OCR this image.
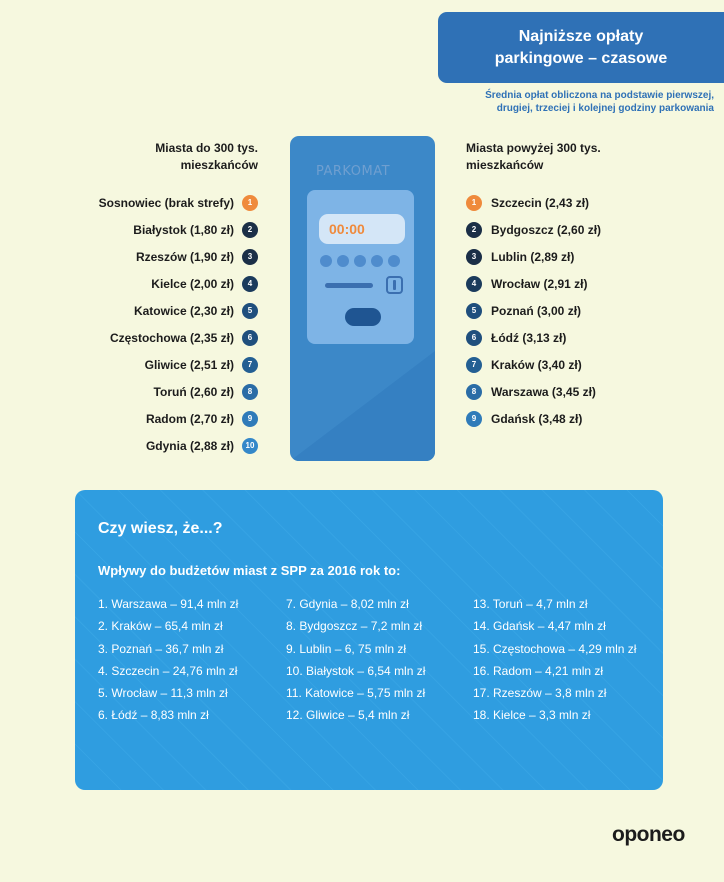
Najniższe opłaty
parkingowe – czasowe
Średnia opłat obliczona na podstawie pierwszej,
drugiej, trzeciej i kolejnej godziny parkowania
Miasta do 300 tys.
mieszkańców
Miasta powyżej 300 tys.
mieszkańców
Sosnowiec (brak strefy)	1
Białystok (1,80 zł)	2
Rzeszów (1,90 zł)	3
Kielce (2,00 zł)	4
Katowice (2,30 zł)	5
Częstochowa (2,35 zł)	6
Gliwice (2,51 zł)	7
Toruń (2,60 zł)	8
Radom (2,70 zł)	9
Gdynia (2,88 zł)	10
1	Szczecin (2,43 zł)
2	Bydgoszcz (2,60 zł)
3	Lublin (2,89 zł)
4	Wrocław (2,91 zł)
5	Poznań (3,00 zł)
6	Łódź (3,13 zł)
7	Kraków (3,40 zł)
8	Warszawa (3,45 zł)
9	Gdańsk (3,48 zł)
PARKOMAT
00:00
Czy wiesz, że...?
Wpływy do budżetów miast z SPP za 2016 rok to:
1. Warszawa – 91,4 mln zł
2. Kraków – 65,4 mln zł
3. Poznań – 36,7 mln zł
4. Szczecin – 24,76 mln zł
5. Wrocław – 11,3 mln zł
6. Łódź – 8,83 mln zł
7. Gdynia – 8,02 mln zł
8. Bydgoszcz – 7,2 mln zł
9. Lublin – 6, 75 mln zł
10. Białystok – 6,54 mln zł
11. Katowice – 5,75 mln zł
12. Gliwice – 5,4 mln zł
13. Toruń – 4,7 mln zł
14. Gdańsk – 4,47 mln zł
15. Częstochowa – 4,29 mln zł
16. Radom – 4,21 mln zł
17. Rzeszów – 3,8 mln zł
18. Kielce – 3,3 mln zł
oponeo
